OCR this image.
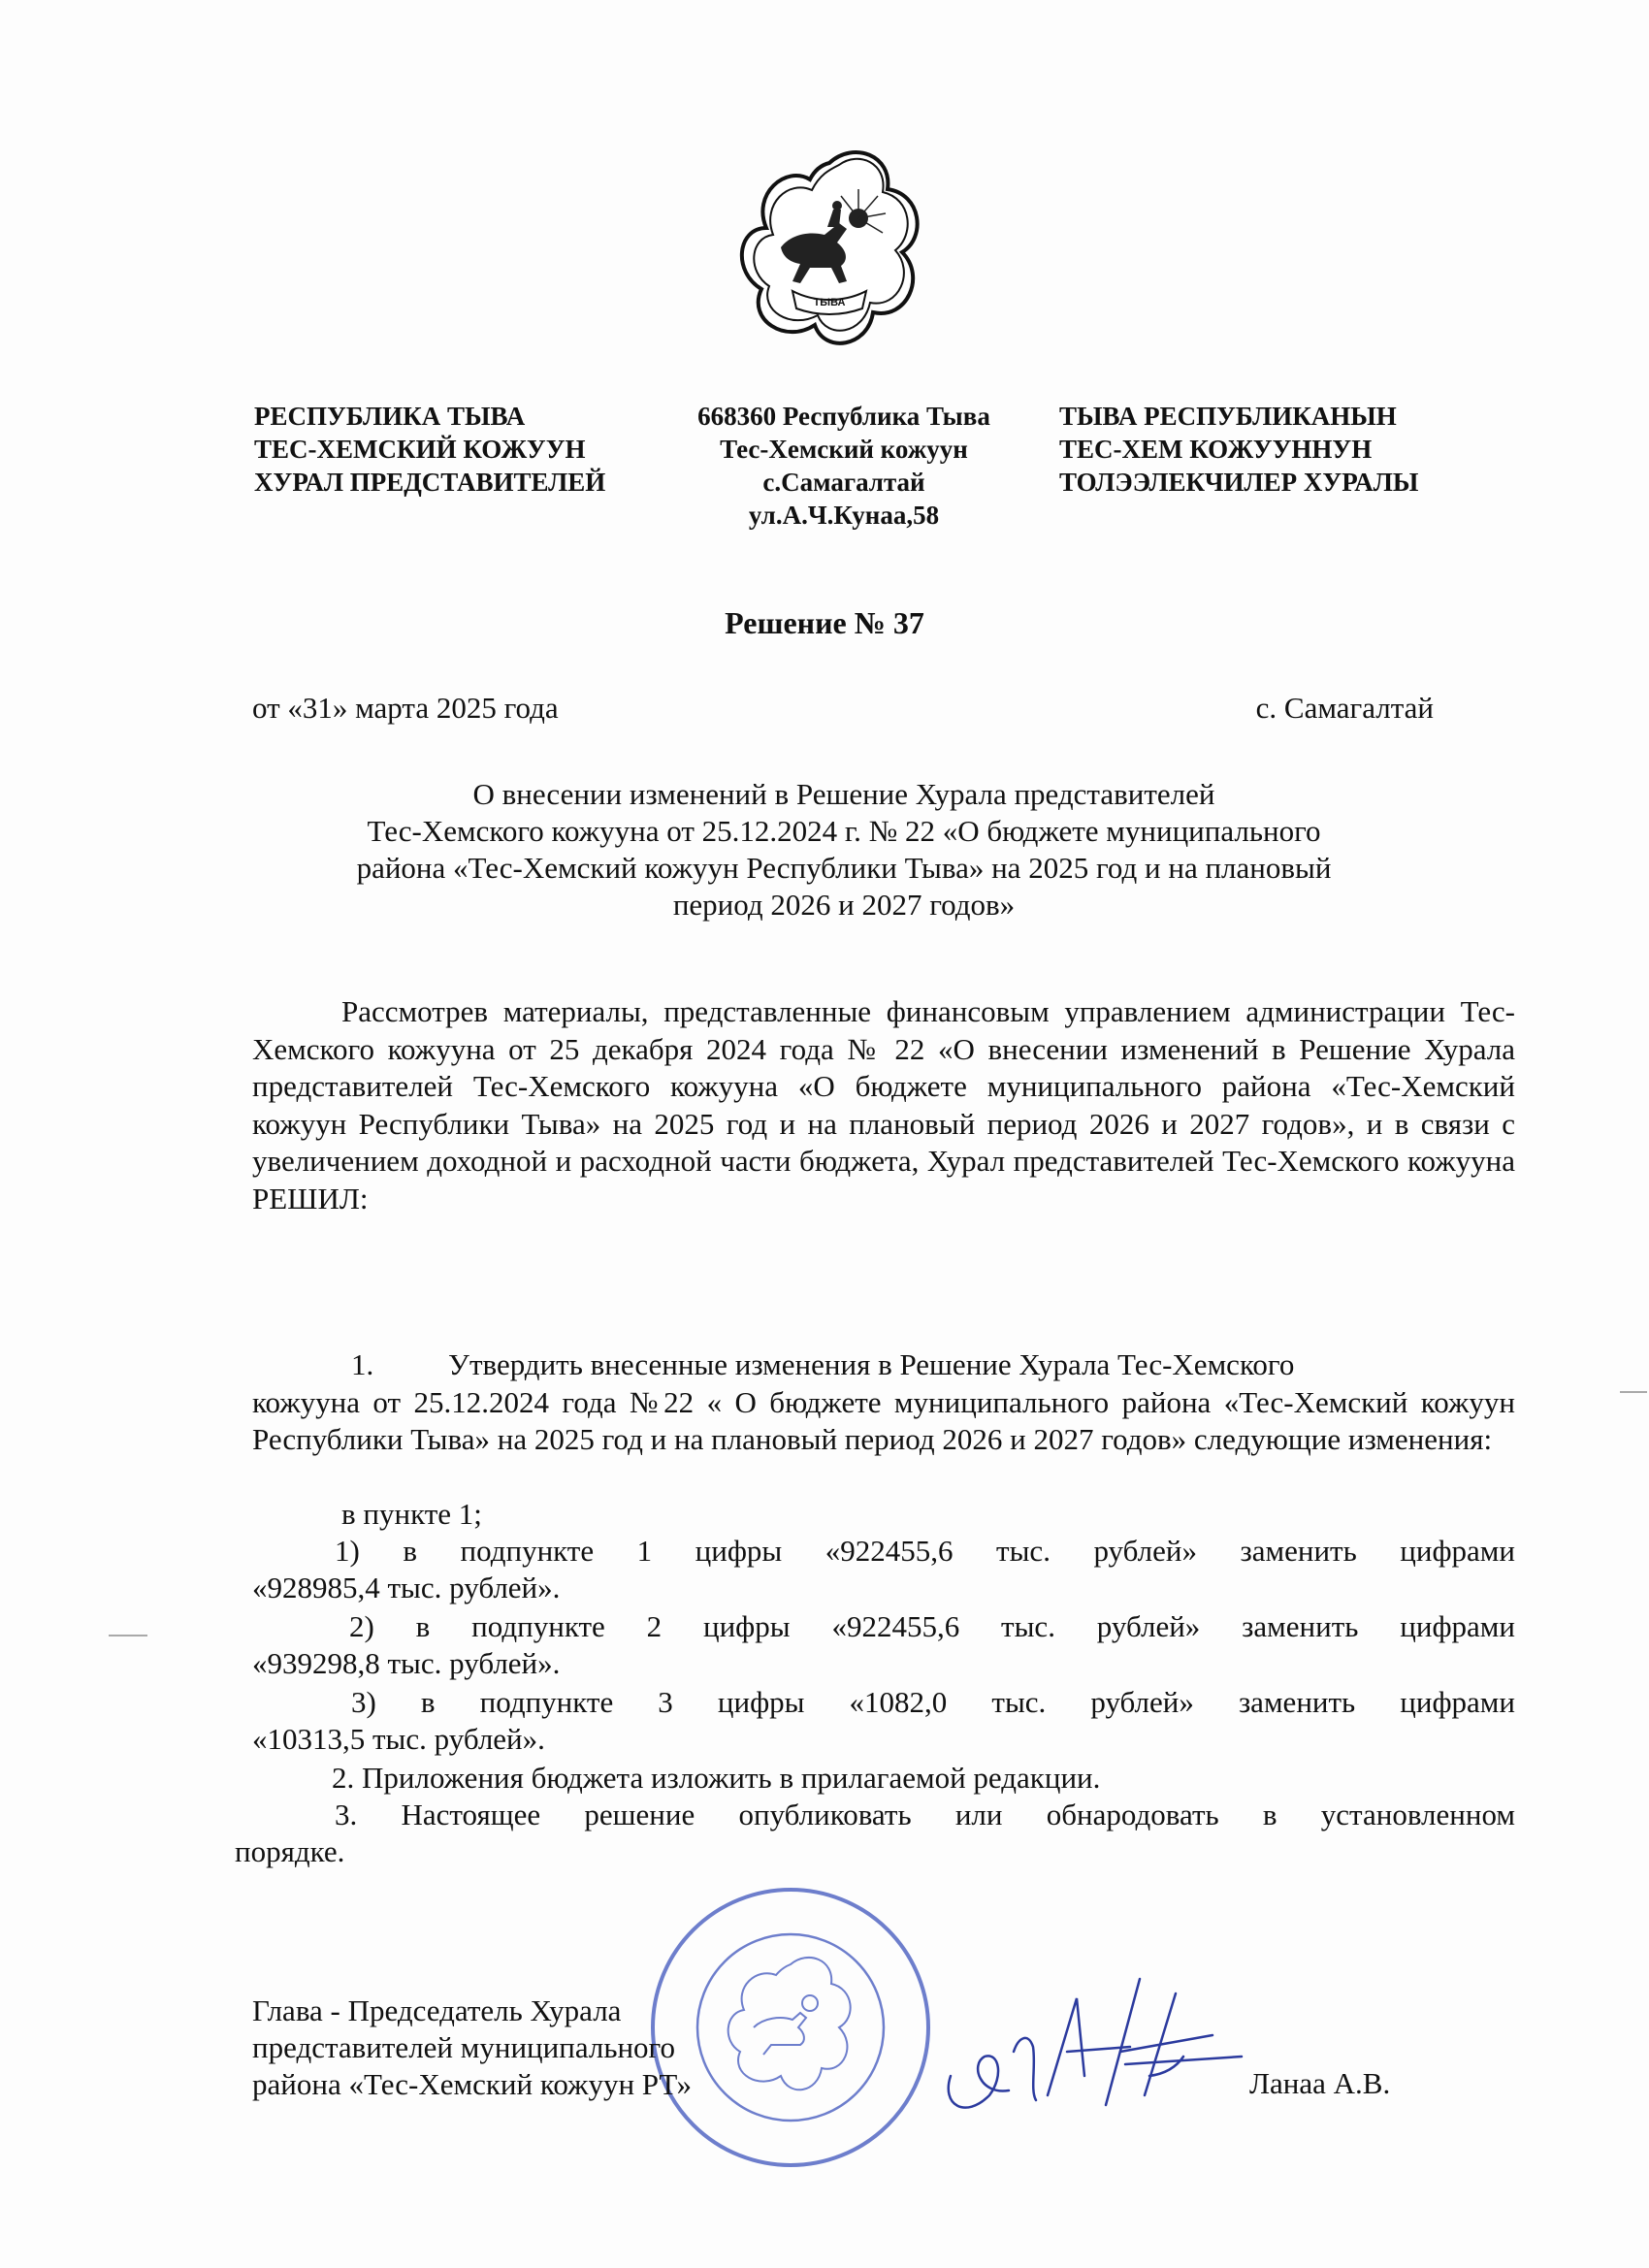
ТЫВА
РЕСПУБЛИКА ТЫВА
ТЕС-ХЕМСКИЙ КОЖУУН
ХУРАЛ ПРЕДСТАВИТЕЛЕЙ
668360 Республика Тыва
Тес-Хемский кожуун
с.Самагалтай
ул.А.Ч.Кунаа,58
ТЫВА РЕСПУБЛИКАНЫН
ТЕС-ХЕМ КОЖУУННУН
ТОЛЭЭЛЕКЧИЛЕР ХУРАЛЫ
Решение № 37
от «31» марта 2025 года	с. Самагалтай
О внесении изменений в Решение Хурала представителей
Тес-Хемского кожууна от 25.12.2024 г. № 22 «О бюджете муниципального
района «Тес-Хемский кожуун Республики Тыва» на 2025 год и на плановый
период 2026 и 2027 годов»
Рассмотрев материалы, представленные финансовым управлением администрации Тес-Хемского кожууна от 25 декабря 2024 года № 22 «О внесении изменений в Решение Хурала представителей Тес-Хемского кожууна «О бюджете муниципального района «Тес-Хемский кожуун Республики Тыва» на 2025 год и на плановый период 2026 и 2027 годов», и в связи с увеличением доходной и расходной части бюджета, Хурал представителей Тес-Хемского кожууна РЕШИЛ:
1. Утвердить внесенные изменения в Решение Хурала Тес-Хемского
кожууна от 25.12.2024 года №22 « О бюджете муниципального района «Тес-Хемский кожуун Республики Тыва» на 2025 год и на плановый период 2026 и 2027 годов» следующие изменения:
в пункте 1;
1) в подпункте 1 цифры «922455,6 тыс. рублей» заменить цифрами
«928985,4 тыс. рублей».
2) в подпункте 2 цифры «922455,6 тыс. рублей» заменить цифрами
«939298,8 тыс. рублей».
3) в подпункте 3 цифры «1082,0 тыс. рублей» заменить цифрами
«10313,5 тыс. рублей».
2. Приложения бюджета изложить в прилагаемой редакции.
3. Настоящее решение опубликовать или обнародовать в установленном
порядке.
Глава - Председатель Хурала
представителей муниципального
района «Тес-Хемский кожуун РТ»	Ланаа А.В.
